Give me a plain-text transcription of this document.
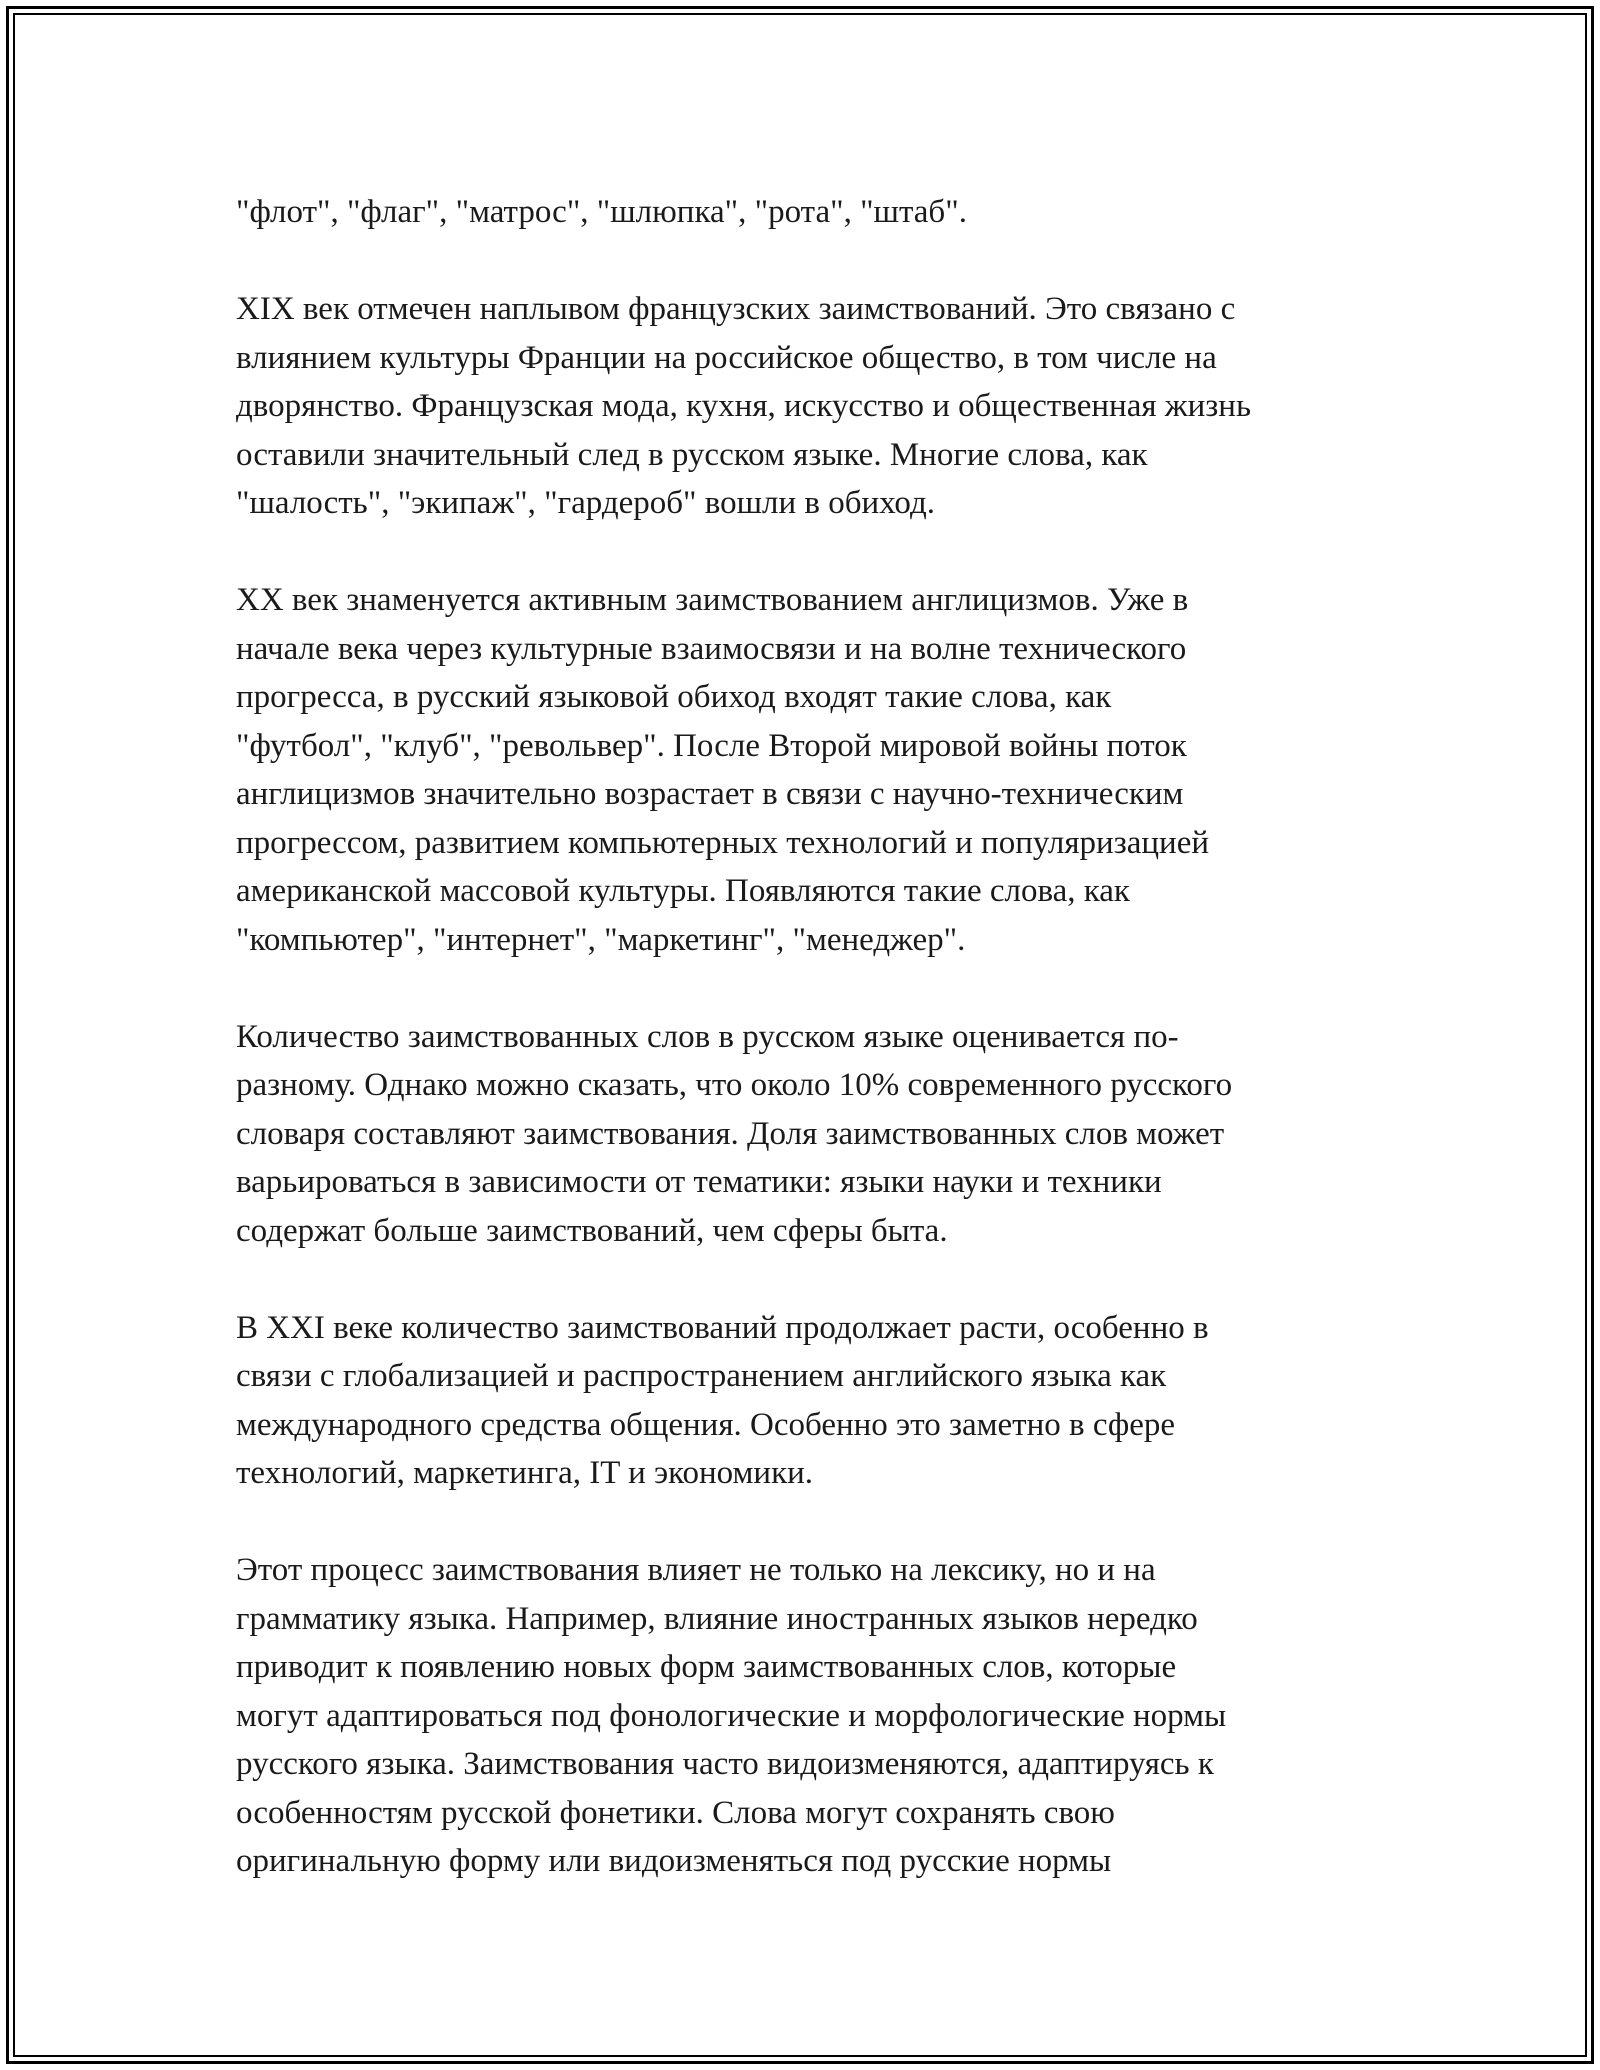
"флот", "флаг", "матрос", "шлюпка", "рота", "штаб".

XIX век отмечен наплывом французских заимствований. Это связано с
влиянием культуры Франции на российское общество, в том числе на
дворянство. Французская мода, кухня, искусство и общественная жизнь
оставили значительный след в русском языке. Многие слова, как
"шалость", "экипаж", "гардероб" вошли в обиход.

XX век знаменуется активным заимствованием англицизмов. Уже в
начале века через культурные взаимосвязи и на волне технического
прогресса, в русский языковой обиход входят такие слова, как
"футбол", "клуб", "револьвер". После Второй мировой войны поток
англицизмов значительно возрастает в связи с научно-техническим
прогрессом, развитием компьютерных технологий и популяризацией
американской массовой культуры. Появляются такие слова, как
"компьютер", "интернет", "маркетинг", "менеджер".

Количество заимствованных слов в русском языке оценивается по-
разному. Однако можно сказать, что около 10% современного русского
словаря составляют заимствования. Доля заимствованных слов может
варьироваться в зависимости от тематики: языки науки и техники
содержат больше заимствований, чем сферы быта.

В XXI веке количество заимствований продолжает расти, особенно в
связи с глобализацией и распространением английского языка как
международного средства общения. Особенно это заметно в сфере
технологий, маркетинга, IT и экономики.

Этот процесс заимствования влияет не только на лексику, но и на
грамматику языка. Например, влияние иностранных языков нередко
приводит к появлению новых форм заимствованных слов, которые
могут адаптироваться под фонологические и морфологические нормы
русского языка. Заимствования часто видоизменяются, адаптируясь к
особенностям русской фонетики. Слова могут сохранять свою
оригинальную форму или видоизменяться под русские нормы
